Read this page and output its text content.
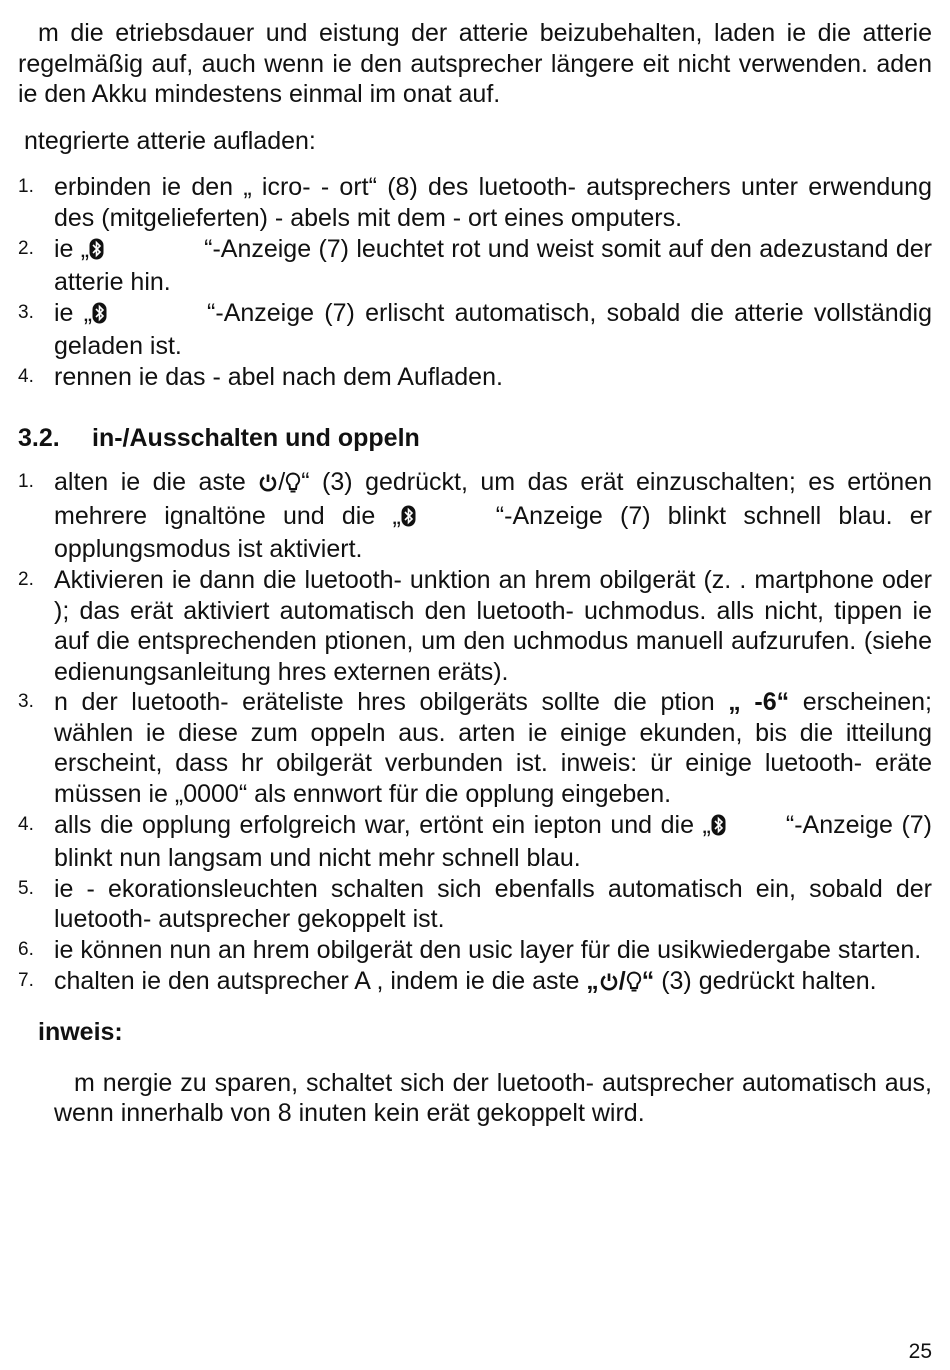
m die etriebsdauer und eistung der atterie beizubehalten, laden ie die atterie regelmäßig auf, auch wenn ie den autsprecher längere eit nicht verwenden. aden ie den Akku mindestens einmal im onat auf.

ntegrierte atterie aufladen:

1. erbinden ie den „ icro- - ort“ (8) des luetooth- autsprechers unter erwendung des (mitgelieferten) - abels mit dem - ort eines omputers.
2. ie „	“-Anzeige (7) leuchtet rot und weist somit auf den adezustand der atterie hin.
3. ie „	“-Anzeige (7) erlischt automatisch, sobald die atterie vollständig geladen ist.
4. rennen ie das - abel nach dem Aufladen.
3.2. in-/Ausschalten und oppeln
1. alten ie die aste / “ (3) gedrückt, um das erät einzuschalten; es ertönen mehrere ignaltöne und die „	“-Anzeige (7) blinkt schnell blau. er opplungsmodus ist aktiviert.
2. Aktivieren ie dann die luetooth- unktion an hrem obilgerät (z. . martphone oder ); das erät aktiviert automatisch den luetooth- uchmodus. alls nicht, tippen ie auf die entsprechenden ptionen, um den uchmodus manuell aufzurufen. (siehe edienungsanleitung hres externen eräts).
3. n der luetooth- eräteliste hres obilgeräts sollte die ption „ -6“ erscheinen; wählen ie diese zum oppeln aus. arten ie einige ekunden, bis die itteilung erscheint, dass hr obilgerät verbunden ist. inweis: ür einige luetooth- eräte müssen ie „0000“ als ennwort für die opplung eingeben.
4. alls die opplung erfolgreich war, ertönt ein iepton und die „	“-Anzeige (7) blinkt nun langsam und nicht mehr schnell blau.
5. ie - ekorationsleuchten schalten sich ebenfalls automatisch ein, sobald der luetooth- autsprecher gekoppelt ist.
6. ie können nun an hrem obilgerät den usic layer für die usikwiedergabe starten.
7. chalten ie den autsprecher A , indem ie die aste „ / “ (3) gedrückt halten.
inweis:

m nergie zu sparen, schaltet sich der luetooth- autsprecher automatisch aus, wenn innerhalb von 8 inuten kein erät gekoppelt wird.

25
